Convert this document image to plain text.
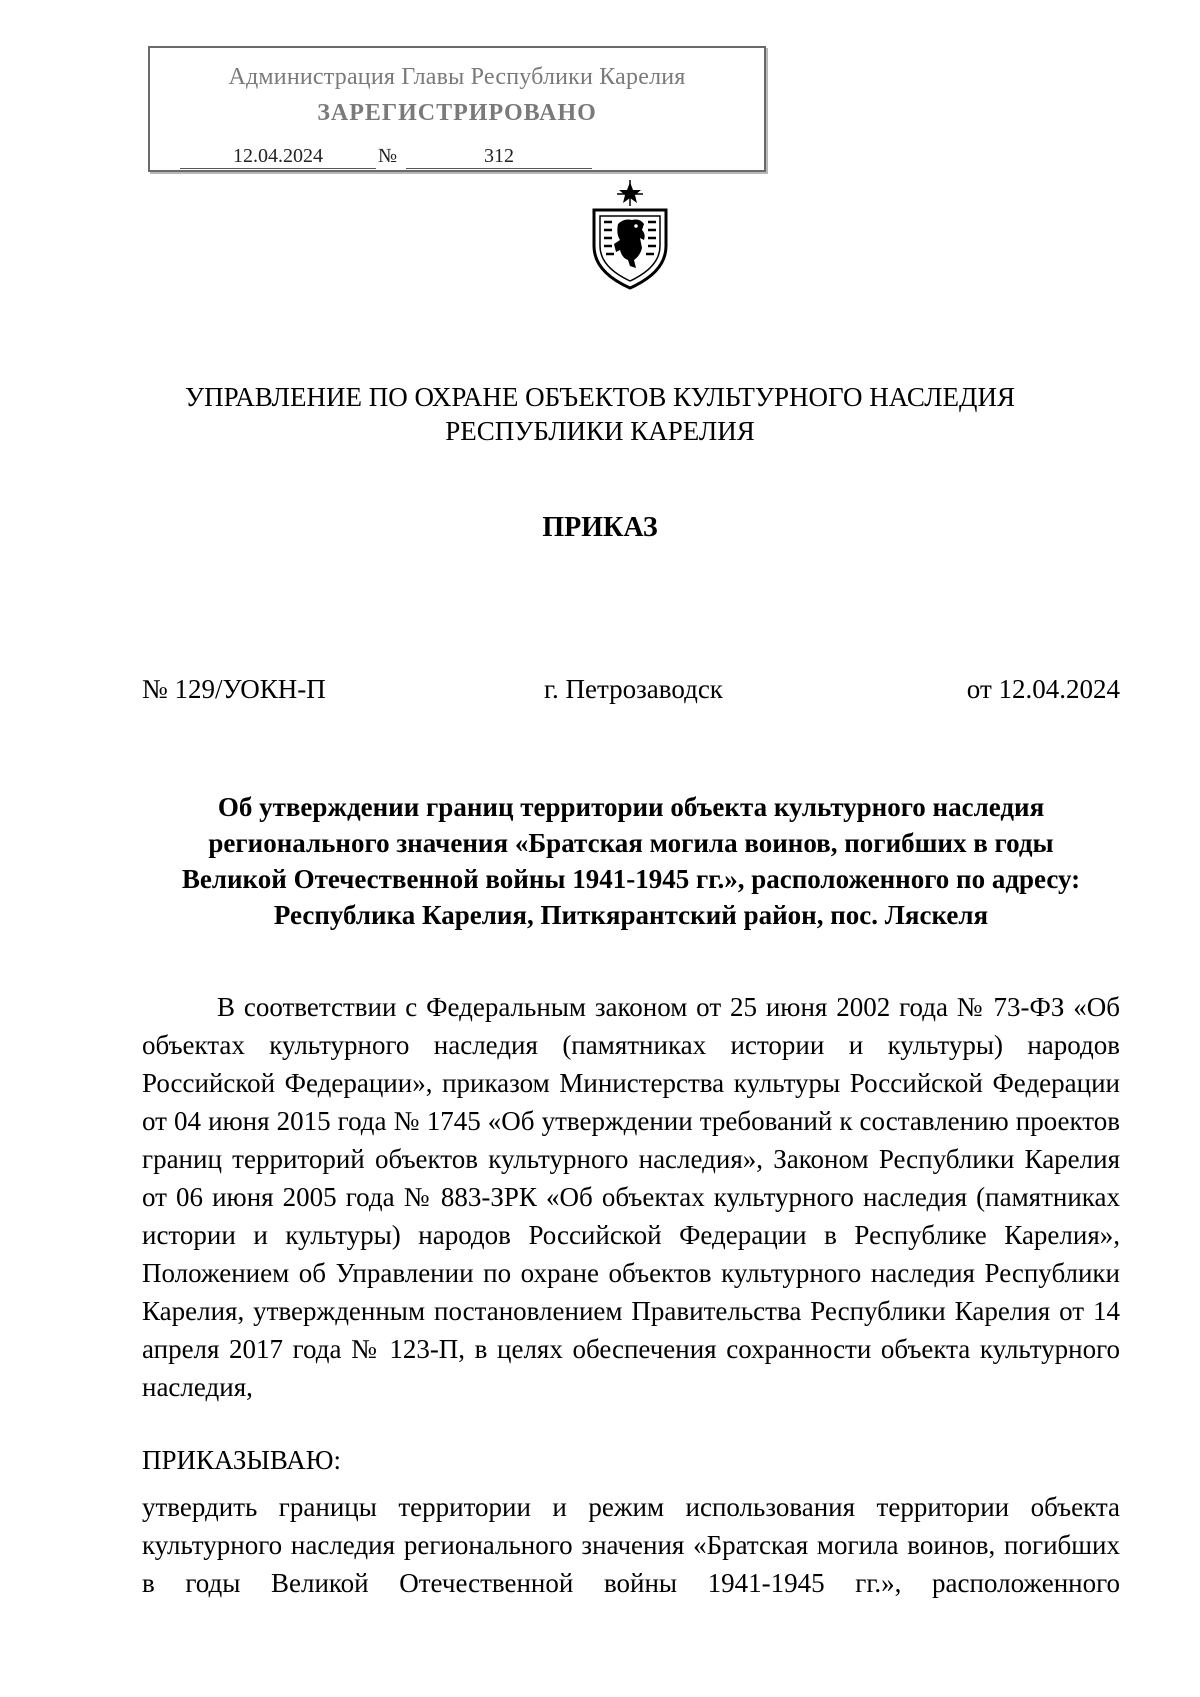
Администрация Главы Республики Карелия
ЗАРЕГИСТРИРОВАНО
12.04.2024	№	312
УПРАВЛЕНИЕ ПО ОХРАНЕ ОБЪЕКТОВ КУЛЬТУРНОГО НАСЛЕДИЯ
РЕСПУБЛИКИ КАРЕЛИЯ
ПРИКАЗ
№ 129/УОКН-П	г. Петрозаводск	от 12.04.2024
Об утверждении границ территории объекта культурного наследия
регионального значения «Братская могила воинов, погибших в годы
Великой Отечественной войны 1941-1945 гг.», расположенного по адресу:
Республика Карелия, Питкярантский район, пос. Ляскеля

В соответствии с Федеральным законом от 25 июня 2002 года № 73-ФЗ «Об объектах культурного наследия (памятниках истории и культуры) народов Российской Федерации», приказом Министерства культуры Российской Федерации от 04 июня 2015 года № 1745 «Об утверждении требований к составлению проектов границ территорий объектов культурного наследия», Законом Республики Карелия от 06 июня 2005 года № 883-ЗРК «Об объектах культурного наследия (памятниках истории и культуры) народов Российской Федерации в Республике Карелия», Положением об Управлении по охране объектов культурного наследия Республики Карелия, утвержденным постановлением Правительства Республики Карелия от 14 апреля 2017 года № 123-П, в целях обеспечения сохранности объекта культурного наследия,

ПРИКАЗЫВАЮ:

утвердить границы территории и режим использования территории объекта культурного наследия регионального значения «Братская могила воинов, погибших в годы Великой Отечественной войны 1941-1945 гг.», расположенного
